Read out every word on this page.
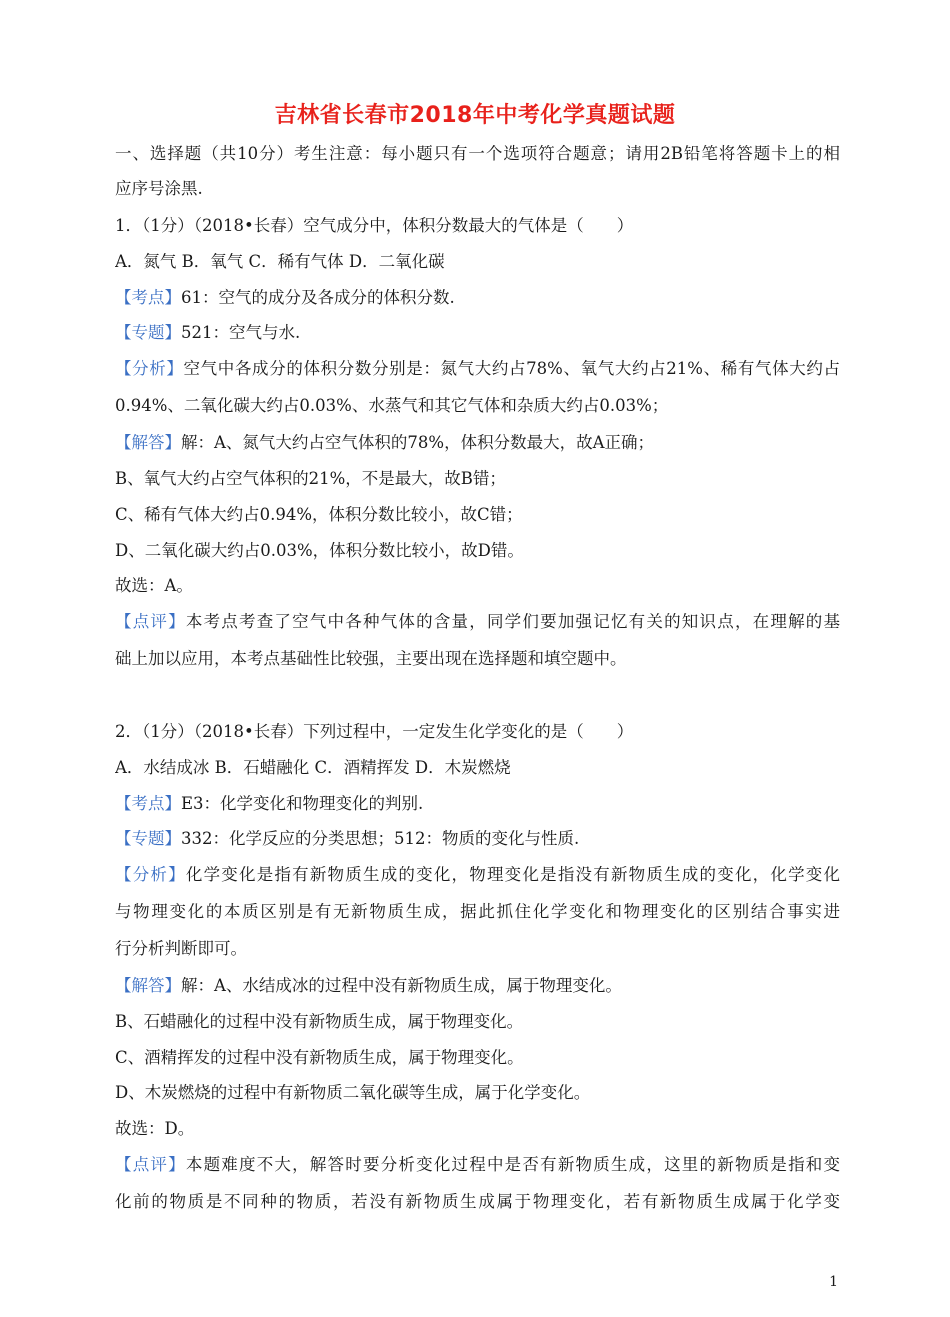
吉林省长春市2018年中考化学真题试题
一、选择题（共10分）考生注意：每小题只有一个选项符合题意；请用2B铅笔将答题卡上的相
应序号涂黑.
1．（1分）（2018•长春）空气成分中，体积分数最大的气体是（　　）
A．氮气 B．氧气 C．稀有气体 D．二氧化碳
【考点】61：空气的成分及各成分的体积分数.
【专题】521：空气与水.
【分析】空气中各成分的体积分数分别是：氮气大约占78%、氧气大约占21%、稀有气体大约占
0.94%、二氧化碳大约占0.03%、水蒸气和其它气体和杂质大约占0.03%；
【解答】解：A、氮气大约占空气体积的78%，体积分数最大，故A正确；
B、氧气大约占空气体积的21%，不是最大，故B错；
C、稀有气体大约占0.94%，体积分数比较小，故C错；
D、二氧化碳大约占0.03%，体积分数比较小，故D错。
故选：A。
【点评】本考点考查了空气中各种气体的含量，同学们要加强记忆有关的知识点，在理解的基
础上加以应用，本考点基础性比较强，主要出现在选择题和填空题中。
2．（1分）（2018•长春）下列过程中，一定发生化学变化的是（　　）
A．水结成冰 B．石蜡融化 C．酒精挥发 D．木炭燃烧
【考点】E3：化学变化和物理变化的判别.
【专题】332：化学反应的分类思想；512：物质的变化与性质.
【分析】化学变化是指有新物质生成的变化，物理变化是指没有新物质生成的变化，化学变化
与物理变化的本质区别是有无新物质生成，据此抓住化学变化和物理变化的区别结合事实进
行分析判断即可。
【解答】解：A、水结成冰的过程中没有新物质生成，属于物理变化。
B、石蜡融化的过程中没有新物质生成，属于物理变化。
C、酒精挥发的过程中没有新物质生成，属于物理变化。
D、木炭燃烧的过程中有新物质二氧化碳等生成，属于化学变化。
故选：D。
【点评】本题难度不大，解答时要分析变化过程中是否有新物质生成，这里的新物质是指和变
化前的物质是不同种的物质，若没有新物质生成属于物理变化，若有新物质生成属于化学变
1
